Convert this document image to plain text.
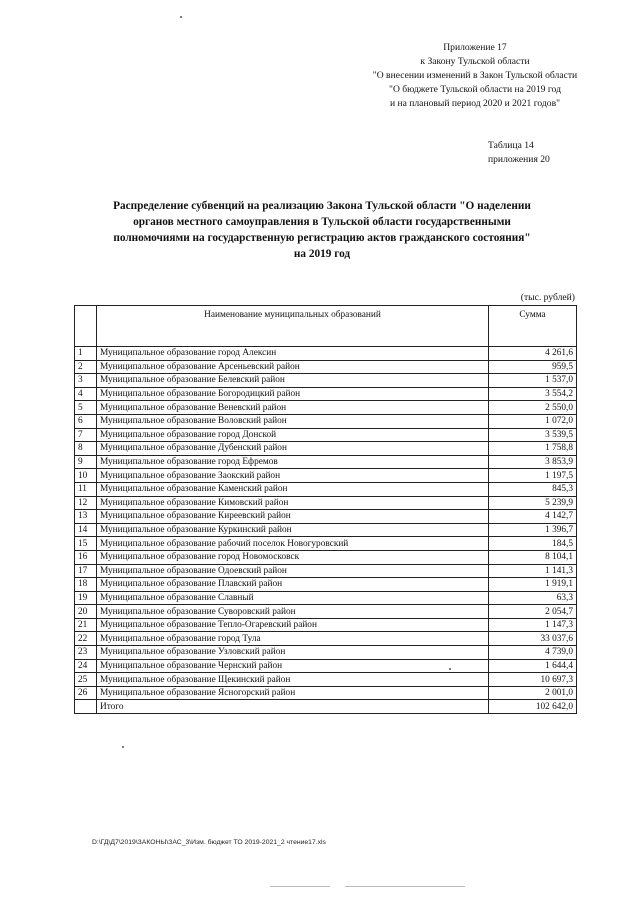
Приложение 17
к Закону Тульской области
"О внесении изменений в Закон Тульской области
"О бюджете Тульской области на 2019 год
и на плановый период 2020 и 2021 годов"
Таблица 14
приложения 20
Распределение субвенций на реализацию Закона Тульской области "О наделении
органов местного самоуправления в Тульской области государственными
полномочиями на государственную регистрацию актов гражданского состояния"
на 2019 год
(тыс. рублей)
	Наименование муниципальных образований	Сумма
1	Муниципальное образование город Алексин	4 261,6
2	Муниципальное образование Арсеньевский район	959,5
3	Муниципальное образование Белевский район	1 537,0
4	Муниципальное образование Богородицкий район	3 554,2
5	Муниципальное образование Веневский район	2 550,0
6	Муниципальное образование Воловский район	1 072,0
7	Муниципальное образование город Донской	3 539,5
8	Муниципальное образование Дубенский район	1 758,8
9	Муниципальное образование город Ефремов	3 853,9
10	Муниципальное образование Заокский район	1 197,5
11	Муниципальное образование Каменский район	845,3
12	Муниципальное образование Кимовский район	5 239,9
13	Муниципальное образование Киреевский район	4 142,7
14	Муниципальное образование Куркинский район	1 396,7
15	Муниципальное образование рабочий поселок Новогуровский	184,5
16	Муниципальное образование город Новомосковск	8 104,1
17	Муниципальное образование Одоевский район	1 141,3
18	Муниципальное образование Плавский район	1 919,1
19	Муниципальное образование Славный	63,3
20	Муниципальное образование Суворовский район	2 054,7
21	Муниципальное образование Тепло-Огаревский район	1 147,3
22	Муниципальное образование город Тула	33 037,6
23	Муниципальное образование Узловский район	4 739,0
24	Муниципальное образование Чернский район	1 644,4
25	Муниципальное образование Щекинский район	10 697,3
26	Муниципальное образование Ясногорский район	2 001,0
	Итого	102 642,0
D:\ГД\Д7\2019\ЗАКОНЫ\ЗАС_3\Изм. бюджет ТО 2019-2021_2 чтение17.xls
